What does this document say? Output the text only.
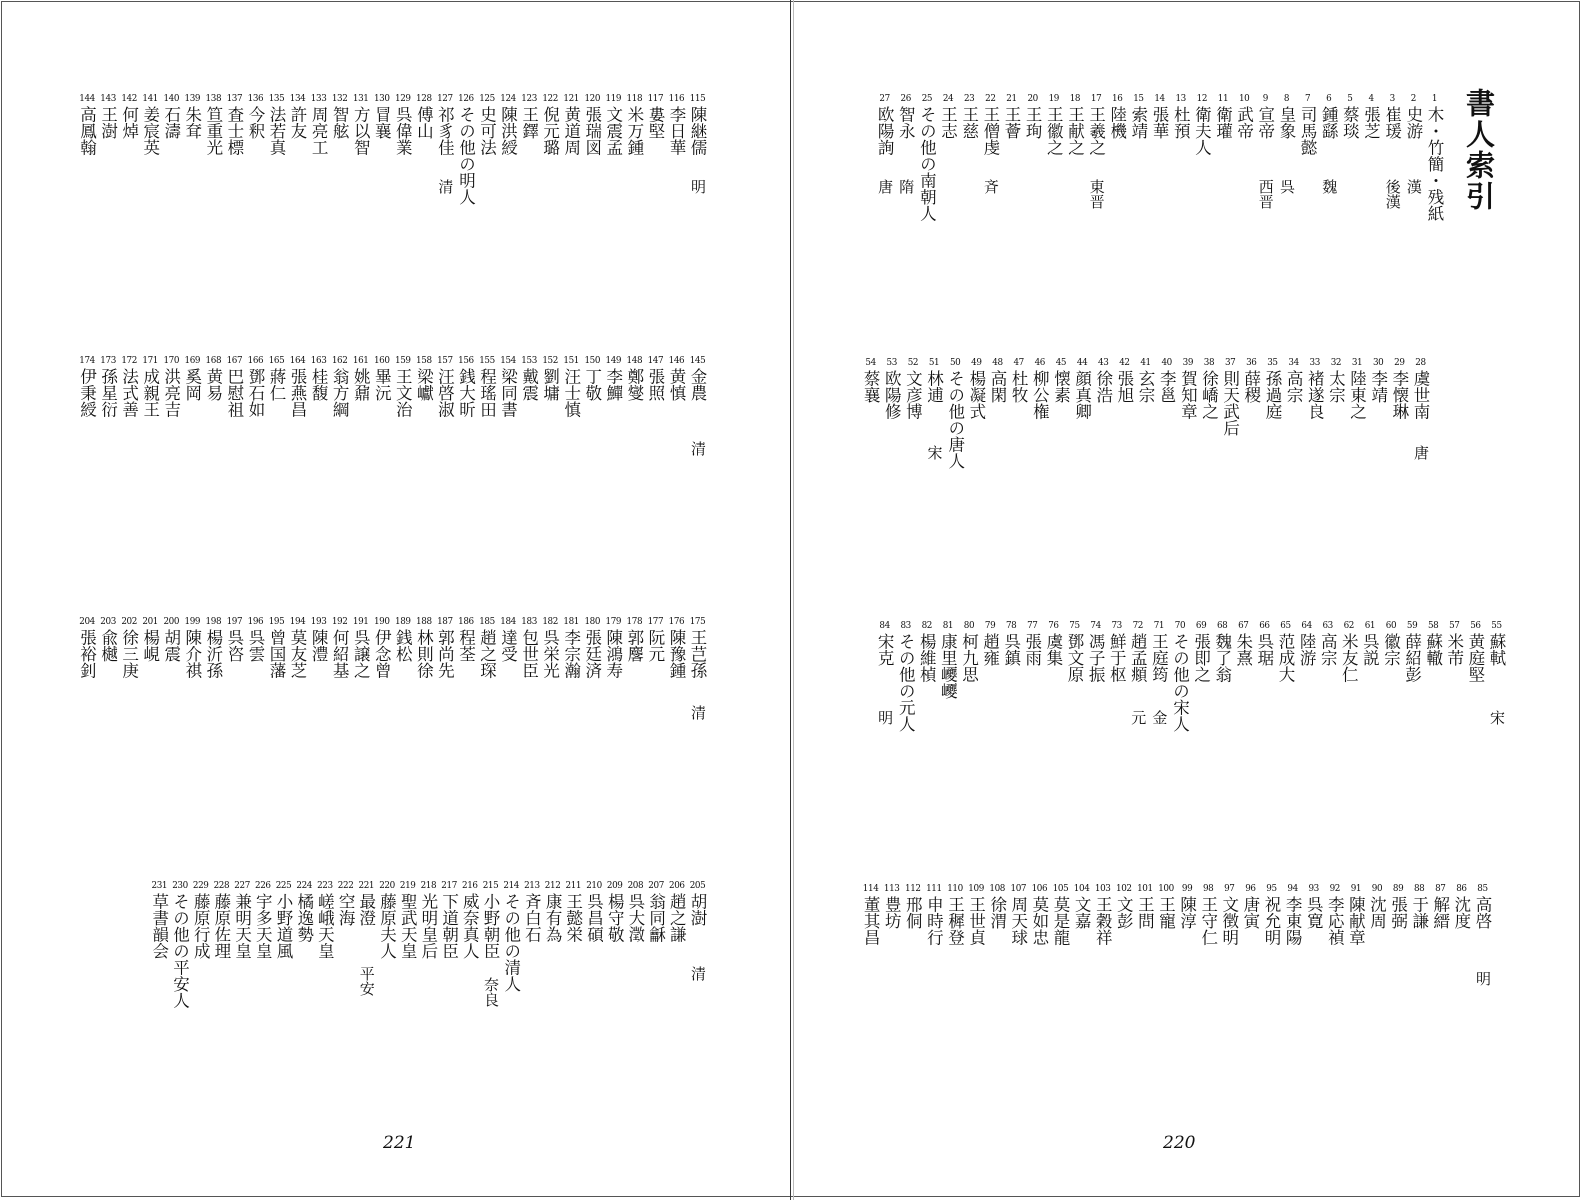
書人索引
1
木・竹簡・残紙
2
史游
漢
3
崔瑗
後漢
4
張芝
5
蔡琰
6
鍾繇
魏
7
司馬懿
8
皇象
呉
9
宣帝
西晋
10
武帝
11
衛瓘
12
衛夫人
13
杜預
14
張華
15
索靖
16
陸機
17
王羲之
東晋
18
王献之
19
王徽之
20
王珣
21
王薈
22
王僧虔
斉
23
王慈
24
王志
25
その他の南朝人
26
智永
隋
27
欧陽詢
唐
28
虞世南
唐
29
李懐琳
30
李靖
31
陸東之
32
太宗
33
褚遂良
34
高宗
35
孫過庭
36
薛稷
37
則天武后
38
徐嶠之
39
賀知章
40
李邕
41
玄宗
42
張旭
43
徐浩
44
顔真卿
45
懐素
46
柳公権
47
杜牧
48
高閑
49
楊凝式
50
その他の唐人
51
林逋
宋
52
文彦博
53
欧陽修
54
蔡襄
55
蘇軾
宋
56
黄庭堅
57
米芾
58
蘇轍
59
薛紹彭
60
徽宗
61
呉説
62
米友仁
63
高宗
64
陸游
65
范成大
66
呉琚
67
朱熹
68
魏了翁
69
張即之
70
その他の宋人
71
王庭筠
金
72
趙孟頫
元
73
鮮于枢
74
馮子振
75
鄧文原
76
虞集
77
張雨
78
呉鎮
79
趙雍
80
柯九思
81
康里巎巎
82
楊維楨
83
その他の元人
84
宋克
明
85
高啓
明
86
沈度
87
解縉
88
于謙
89
張弼
90
沈周
91
陳献章
92
李応禎
93
呉寛
94
李東陽
95
祝允明
96
唐寅
97
文徴明
98
王守仁
99
陳淳
100
王寵
101
王問
102
文彭
103
王穀祥
104
文嘉
105
莫是龍
106
莫如忠
107
周天球
108
徐渭
109
王世貞
110
王穉登
111
申時行
112
邢侗
113
豊坊
114
董其昌
115
陳継儒
明
116
李日華
117
婁堅
118
米万鍾
119
文震孟
120
張瑞図
121
黄道周
122
倪元璐
123
王鐸
124
陳洪綬
125
史可法
126
その他の明人
127
祁豸佳
清
128
傅山
129
呉偉業
130
冒襄
131
方以智
132
智舷
133
周亮工
134
許友
135
法若真
136
今釈
137
査士標
138
笪重光
139
朱耷
140
石濤
141
姜宸英
142
何焯
143
王澍
144
高鳳翰
145
金農
清
146
黄慎
147
張照
148
鄭燮
149
李鱓
150
丁敬
151
汪士慎
152
劉墉
153
戴震
154
梁同書
155
程瑤田
156
銭大昕
157
汪啓淑
158
梁巘
159
王文治
160
畢沅
161
姚鼐
162
翁方綱
163
桂馥
164
張燕昌
165
蔣仁
166
鄧石如
167
巴慰祖
168
黄易
169
奚岡
170
洪亮吉
171
成親王
172
法式善
173
孫星衍
174
伊秉綬
175
王芑孫
清
176
陳豫鍾
177
阮元
178
郭麐
179
陳鴻寿
180
張廷済
181
李宗瀚
182
呉栄光
183
包世臣
184
達受
185
趙之琛
186
程荃
187
郭尚先
188
林則徐
189
銭松
190
伊念曾
191
呉譲之
192
何紹基
193
陳澧
194
莫友芝
195
曾国藩
196
呉雲
197
呉咨
198
楊沂孫
199
陳介祺
200
胡震
201
楊峴
202
徐三庚
203
兪樾
204
張裕釗
205
胡澍
清
206
趙之謙
207
翁同龢
208
呉大澂
209
楊守敬
210
呉昌碩
211
王懿栄
212
康有為
213
斉白石
214
その他の清人
215
小野朝臣
奈良
216
威奈真人
217
下道朝臣
218
光明皇后
219
聖武天皇
220
藤原夫人
221
最澄
平安
222
空海
223
嵯峨天皇
224
橘逸勢
225
小野道風
226
宇多天皇
227
兼明天皇
228
藤原佐理
229
藤原行成
230
その他の平安人
231
草書韻会
221	220
